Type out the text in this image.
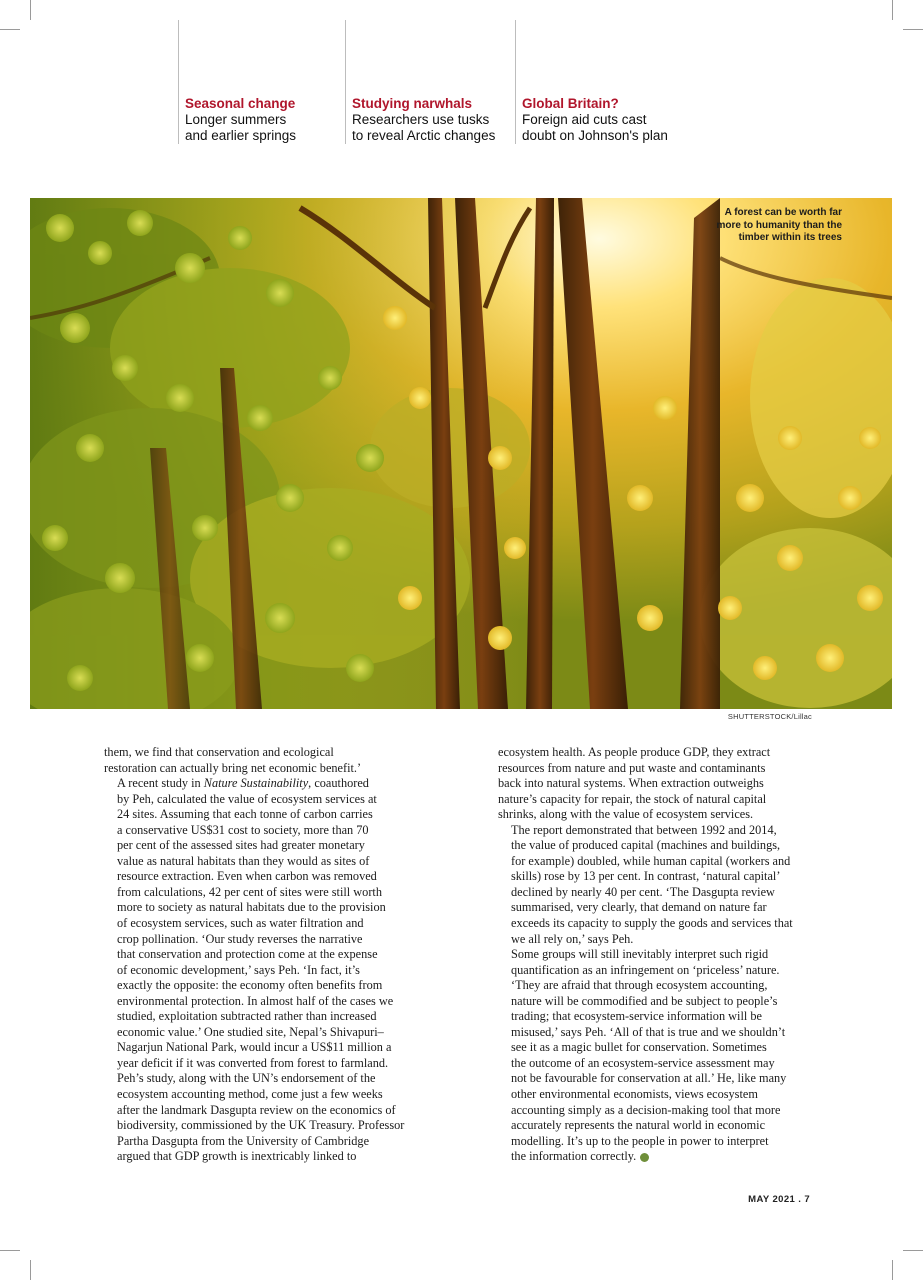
Seasonal change
Longer summers
and earlier springs
Studying narwhals
Researchers use tusks
to reveal Arctic changes
Global Britain?
Foreign aid cuts cast
doubt on Johnson's plan
A forest can be worth far
more to humanity than the
timber within its trees
SHUTTERSTOCK/Lillac

them, we find that conservation and ecological
restoration can actually bring net economic benefit.’

A recent study in Nature Sustainability, coauthored
by Peh, calculated the value of ecosystem services at
24 sites. Assuming that each tonne of carbon carries
a conservative US$31 cost to society, more than 70
per cent of the assessed sites had greater monetary
value as natural habitats than they would as sites of
resource extraction. Even when carbon was removed
from calculations, 42 per cent of sites were still worth
more to society as natural habitats due to the provision
of ecosystem services, such as water filtration and
crop pollination. ‘Our study reverses the narrative
that conservation and protection come at the expense
of economic development,’ says Peh. ‘In fact, it’s
exactly the opposite: the economy often benefits from
environmental protection. In almost half of the cases we
studied, exploitation subtracted rather than increased
economic value.’ One studied site, Nepal’s Shivapuri–
Nagarjun National Park, would incur a US$11 million a
year deficit if it was converted from forest to farmland.

Peh’s study, along with the UN’s endorsement of the
ecosystem accounting method, come just a few weeks
after the landmark Dasgupta review on the economics of
biodiversity, commissioned by the UK Treasury. Professor
Partha Dasgupta from the University of Cambridge
argued that GDP growth is inextricably linked to

ecosystem health. As people produce GDP, they extract
resources from nature and put waste and contaminants
back into natural systems. When extraction outweighs
nature’s capacity for repair, the stock of natural capital
shrinks, along with the value of ecosystem services.

The report demonstrated that between 1992 and 2014,
the value of produced capital (machines and buildings,
for example) doubled, while human capital (workers and
skills) rose by 13 per cent. In contrast, ‘natural capital’
declined by nearly 40 per cent. ‘The Dasgupta review
summarised, very clearly, that demand on nature far
exceeds its capacity to supply the goods and services that
we all rely on,’ says Peh.

Some groups will still inevitably interpret such rigid
quantification as an infringement on ‘priceless’ nature.
‘They are afraid that through ecosystem accounting,
nature will be commodified and be subject to people’s
trading; that ecosystem-service information will be
misused,’ says Peh. ‘All of that is true and we shouldn’t
see it as a magic bullet for conservation. Sometimes
the outcome of an ecosystem-service assessment may
not be favourable for conservation at all.’ He, like many
other environmental economists, views ecosystem
accounting simply as a decision-making tool that more
accurately represents the natural world in economic
modelling. It’s up to the people in power to interpret
the information correctly.

MAY 2021 . 7
